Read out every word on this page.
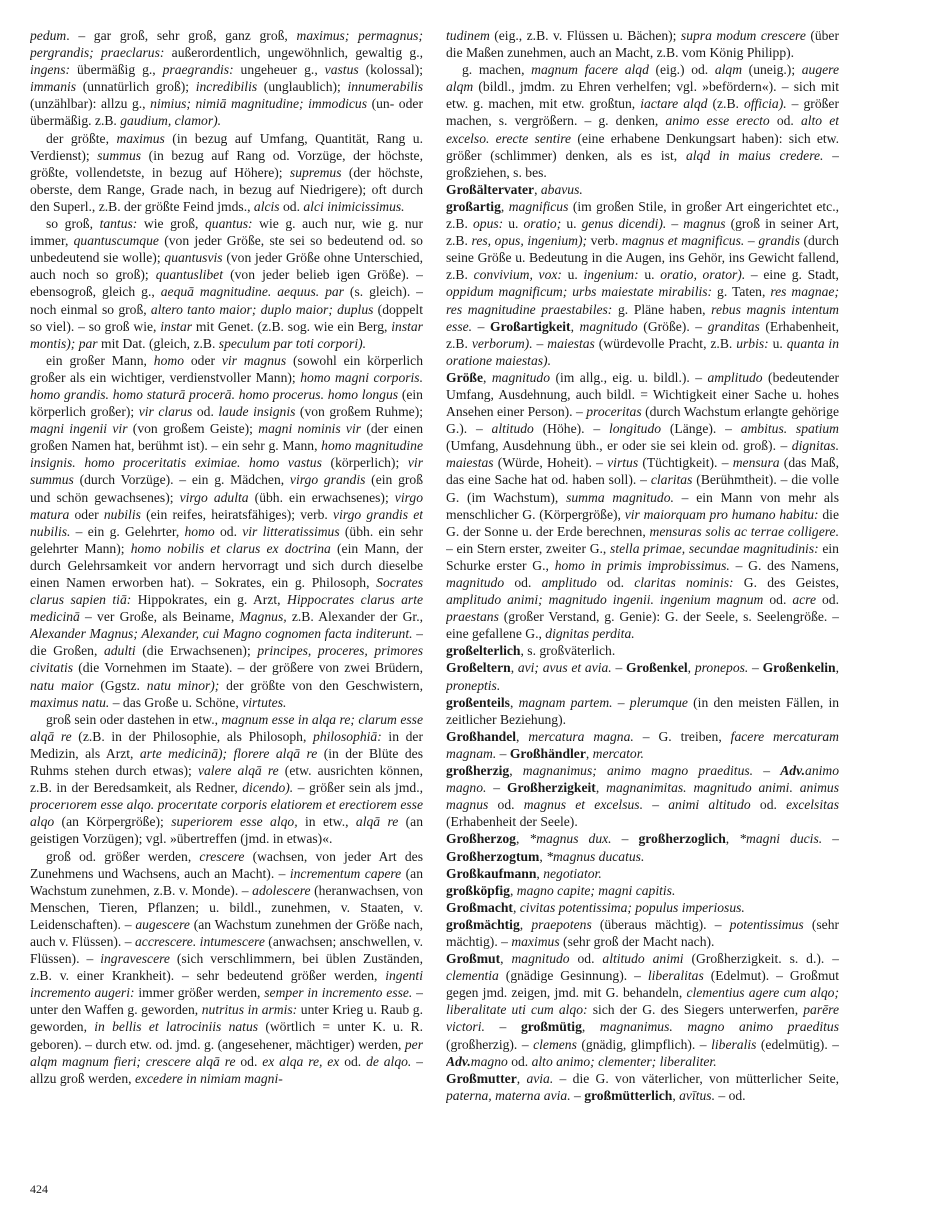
pedum. – gar groß, sehr groß, ganz groß, maximus; permagnus; pergrandis; praeclarus: außerordentlich, ungewöhnlich, gewaltig g., ingens: übermäßig g., praegrandis: ungeheuer g., vastus (kolossal); immanis (unnatürlich groß); incredibilis (unglaublich); innumerabilis (unzählbar): allzu g., nimius; nimiā magnitudine; immodicus (un- oder übermäßig. z.B. gaudium, clamor).

der größte, maximus (in bezug auf Umfang, Quantität, Rang u. Verdienst); summus (in bezug auf Rang od. Vorzüge, der höchste, größte, vollendetste, in bezug auf Höhere); supremus (der höchste, oberste, dem Range, Grade nach, in bezug auf Niedrigere); oft durch den Superl., z.B. der größte Feind jmds., alcis od. alci inimicissimus.

so groß, tantus: wie groß, quantus: wie g. auch nur, wie g. nur immer, quantuscumque (von jeder Größe, ste sei so bedeutend od. so unbedeutend sie wolle); quantusvis (von jeder Größe ohne Unterschied, auch noch so groß); quantuslibet (von jeder belieb igen Größe). – ebensogroß, gleich g., aequā magnitudine. aequus. par (s. gleich). – noch einmal so groß, altero tanto maior; duplo maior; duplus (doppelt so viel). – so groß wie, instar mit Genet. (z.B. sog. wie ein Berg, instar montis); par mit Dat. (gleich, z.B. speculum par toti corpori).

ein großer Mann, homo oder vir magnus (sowohl ein körperlich großer als ein wichtiger, verdienstvoller Mann); homo magni corporis. homo grandis. homo staturā procerā. homo procerus. homo longus (ein körperlich großer); vir clarus od. laude insignis (von großem Ruhme); magni ingenii vir (von großem Geiste); magni nominis vir (der einen großen Namen hat, berühmt ist). – ein sehr g. Mann, homo magnitudine insignis. homo proceritatis eximiae. homo vastus (körperlich); vir summus (durch Vorzüge). – ein g. Mädchen, virgo grandis (ein groß und schön gewachsenes); virgo adulta (übh. ein erwachsenes); virgo matura oder nubilis (ein reifes, heiratsfähiges); verb. virgo grandis et nubilis. – ein g. Gelehrter, homo od. vir litteratissimus (übh. ein sehr gelehrter Mann); homo nobilis et clarus ex doctrina (ein Mann, der durch Gelehrsamkeit vor andern hervorragt und sich durch dieselbe einen Namen erworben hat). – Sokrates, ein g. Philosoph, Socrates clarus sapien tiā: Hippokrates, ein g. Arzt, Hippocrates clarus arte medicinā – ver Große, als Beiname, Magnus, z.B. Alexander der Gr., Alexander Magnus; Alexander, cui Magno cognomen facta inditerunt. – die Großen, adulti (die Erwachsenen); principes, proceres, primores civitatis (die Vornehmen im Staate). – der größere von zwei Brüdern, natu maior (Ggstz. natu minor); der größte von den Geschwistern, maximus natu. – das Große u. Schöne, virtutes.

groß sein oder dastehen in etw., magnum esse in alqa re; clarum esse alqā re (z.B. in der Philosophie, als Philosoph, philosophiā: in der Medizin, als Arzt, arte medicinā); florere alqā re (in der Blüte des Ruhms stehen durch etwas); valere alqā re (etw. ausrichten können, z.B. in der Beredsamkeit, als Redner, dicendo). – größer sein als jmd., procerıorem esse alqo. procerıtate corporis elatiorem et erectiorem esse alqo (an Körpergröße); superiorem esse alqo, in etw., alqā re (an geistigen Vorzügen); vgl. »übertreffen (jmd. in etwas)«.

groß od. größer werden, crescere (wachsen, von jeder Art des Zunehmens und Wachsens, auch an Macht). – incrementum capere (an Wachstum zunehmen, z.B. v. Monde). – adolescere (heranwachsen, von Menschen, Tieren, Pflanzen; u. bildl., zunehmen, v. Staaten, v. Leidenschaften). – augescere (an Wachstum zunehmen der Größe nach, auch v. Flüssen). – accrescere. intumescere (anwachsen; anschwellen, v. Flüssen). – ingravescere (sich verschlimmern, bei üblen Zuständen, z.B. v. einer Krankheit). – sehr bedeutend größer werden, ingenti incremento augeri: immer größer werden, semper in incremento esse. – unter den Waffen g. geworden, nutritus in armis: unter Krieg u. Raub g. geworden, in bellis et latrociniis natus (wörtlich = unter K. u. R. geboren). – durch etw. od. jmd. g. (angesehener, mächtiger) werden, per alqm magnum fieri; crescere alqā re od. ex alqa re, ex od. de alqo. – allzu groß werden, excedere in nimiam magni-

tudinem (eig., z.B. v. Flüssen u. Bächen); supra modum crescere (über die Maßen zunehmen, auch an Macht, z.B. vom König Philipp).

g. machen, magnum facere alqd (eig.) od. alqm (uneig.); augere alqm (bildl., jmdm. zu Ehren verhelfen; vgl. »befördern«). – sich mit etw. g. machen, mit etw. großtun, iactare alqd (z.B. officia). – größer machen, s. vergrößern. – g. denken, animo esse erecto od. alto et excelso. erecte sentire (eine erhabene Denkungsart haben): sich etw. größer (schlimmer) denken, als es ist, alqd in maius credere. – großziehen, s. bes.

Großältervater, abavus.

großartig, magnificus (im großen Stile, in großer Art eingerichtet etc., z.B. opus: u. oratio; u. genus dicendi). – magnus (groß in seiner Art, z.B. res, opus, ingenium); verb. magnus et magnificus. – grandis (durch seine Größe u. Bedeutung in die Augen, ins Gehör, ins Gewicht fallend, z.B. convivium, vox: u. ingenium: u. oratio, orator). – eine g. Stadt, oppidum magnificum; urbs maiestate mirabilis: g. Taten, res magnae; res magnitudine praestabiles: g. Pläne haben, rebus magnis intentum esse. – Großartigkeit, magnitudo (Größe). – granditas (Erhabenheit, z.B. verborum). – maiestas (würdevolle Pracht, z.B. urbis: u. quanta in oratione maiestas).

Größe, magnitudo (im allg., eig. u. bildl.). – amplitudo (bedeutender Umfang, Ausdehnung, auch bildl. = Wichtigkeit einer Sache u. hohes Ansehen einer Person). – proceritas (durch Wachstum erlangte gehörige G.). – altitudo (Höhe). – longitudo (Länge). – ambitus. spatium (Umfang, Ausdehnung übh., er oder sie sei klein od. groß). – dignitas. maiestas (Würde, Hoheit). – virtus (Tüchtigkeit). – mensura (das Maß, das eine Sache hat od. haben soll). – claritas (Berühmtheit). – die volle G. (im Wachstum), summa magnitudo. – ein Mann von mehr als menschlicher G. (Körpergröße), vir maiorquam pro humano habitu: die G. der Sonne u. der Erde berechnen, mensuras solis ac terrae colligere. – ein Stern erster, zweiter G., stella primae, secundae magnitudinis: ein Schurke erster G., homo in primis improbissimus. – G. des Namens, magnitudo od. amplitudo od. claritas nominis: G. des Geistes, amplitudo animi; magnitudo ingenii. ingenium magnum od. acre od. praestans (großer Verstand, g. Genie): G. der Seele, s. Seelengröße. – eine gefallene G., dignitas perdita.

großelterlich, s. großväterlich.

Großeltern, avi; avus et avia. – Großenkel, pronepos. – Großenkelin, proneptis.

großenteils, magnam partem. – plerumque (in den meisten Fällen, in zeitlicher Beziehung).

Großhandel, mercatura magna. – G. treiben, facere mercaturam magnam. – Großhändler, mercator.

großherzig, magnanimus; animo magno praeditus. – Adv.animo magno. – Großherzigkeit, magnanimitas. magnitudo animi. animus magnus od. magnus et excelsus. – animi altitudo od. excelsitas (Erhabenheit der Seele).

Großherzog, *magnus dux. – großherzoglich, *magni ducis. – Großherzogtum, *magnus ducatus.

Großkaufmann, negotiator.

großköpfig, magno capite; magni capitis.

Großmacht, civitas potentissima; populus imperiosus.

großmächtig, praepotens (überaus mächtig). – potentissimus (sehr mächtig). – maximus (sehr groß der Macht nach).

Großmut, magnitudo od. altitudo animi (Großherzigkeit. s. d.). – clementia (gnädige Gesinnung). – liberalitas (Edelmut). – Großmut gegen jmd. zeigen, jmd. mit G. behandeln, clementius agere cum alqo; liberalitate uti cum alqo: sich der G. des Siegers unterwerfen, parēre victori. – großmütig, magnanimus. magno animo praeditus (großherzig). – clemens (gnädig, glimpflich). – liberalis (edelmütig). – Adv.magno od. alto animo; clementer; liberaliter.

Großmutter, avia. – die G. von väterlicher, von mütterlicher Seite, paterna, materna avia. – großmütterlich, avītus. – od.

424
